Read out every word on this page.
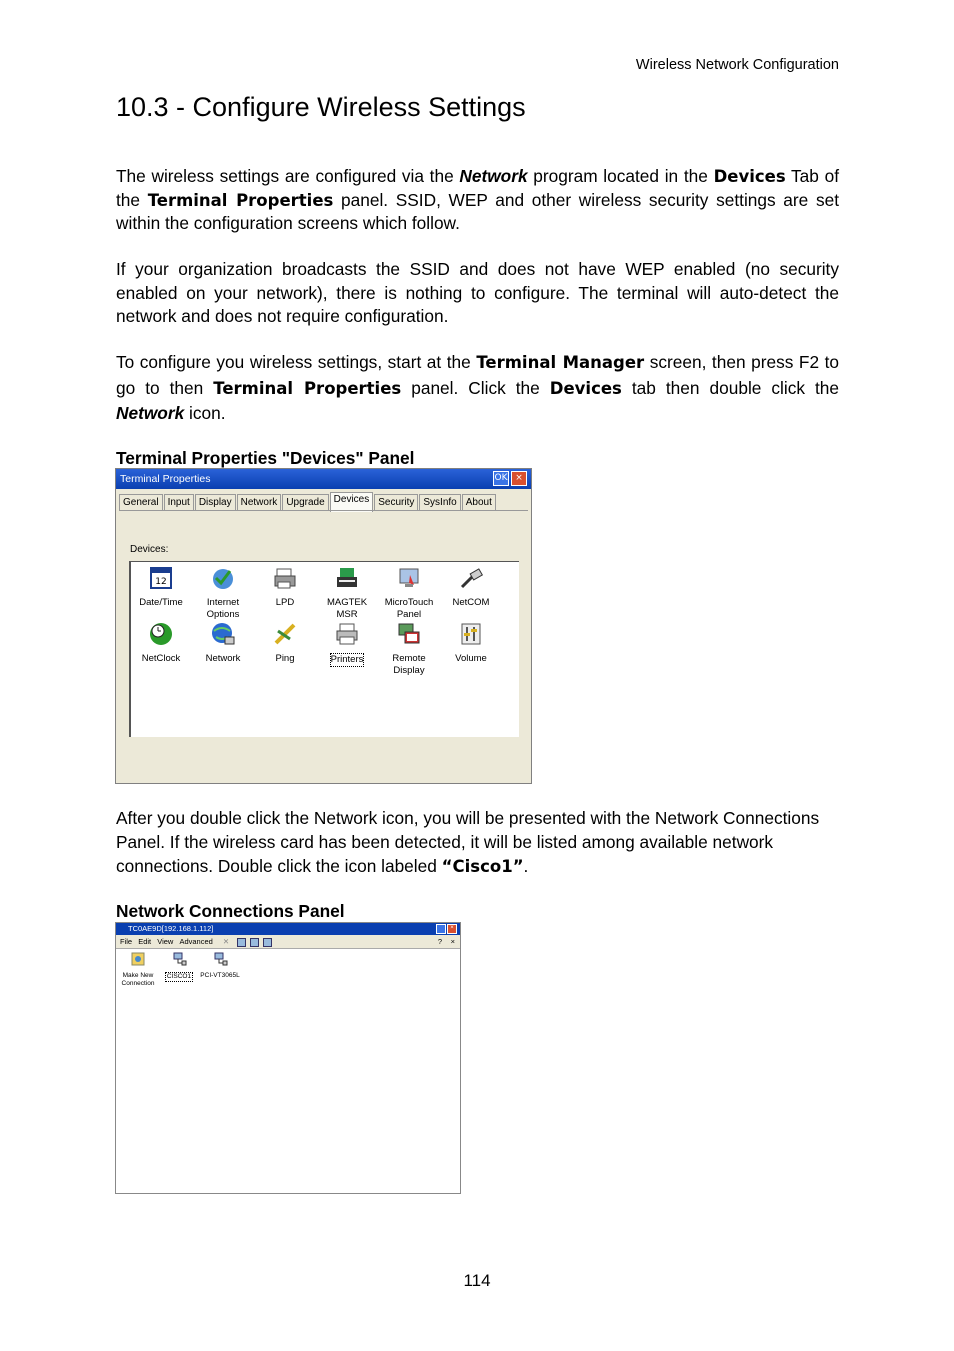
Wireless Network Configuration
10.3 - Configure Wireless Settings

The wireless settings are configured via the Network program located in the Devices Tab of the Terminal Properties panel. SSID, WEP and other wireless security settings are set within the configuration screens which follow.

If your organization broadcasts the SSID and does not have WEP enabled (no security enabled on your network), there is nothing to configure. The terminal will auto-detect the network and does not require configuration.

To configure you wireless settings, start at the Terminal Manager screen, then press F2 to go to then Terminal Properties panel. Click the Devices tab then double click the Network icon.

Terminal Properties "Devices" Panel
Terminal Properties	OK ×
General Input Display Network Upgrade Devices Security SysInfo About
Devices:
12
Date/Time	Internet Options
LPD	MAGTEK MSR
MicroTouch Panel
NetCOM
NetClock	Network	Ping	Printers	Remote Display
Volume

After you double click the Network icon, you will be presented with the Network Connections Panel. If the wireless card has been detected, it will be listed among available network connections. Double click the icon labeled “Cisco1”.

Network Connections Panel
TC0AE9D[192.168.1.112]	×
File Edit View Advanced ✕	? ×
Make New Connection
CISCO1	PCI-VT3065L
114
